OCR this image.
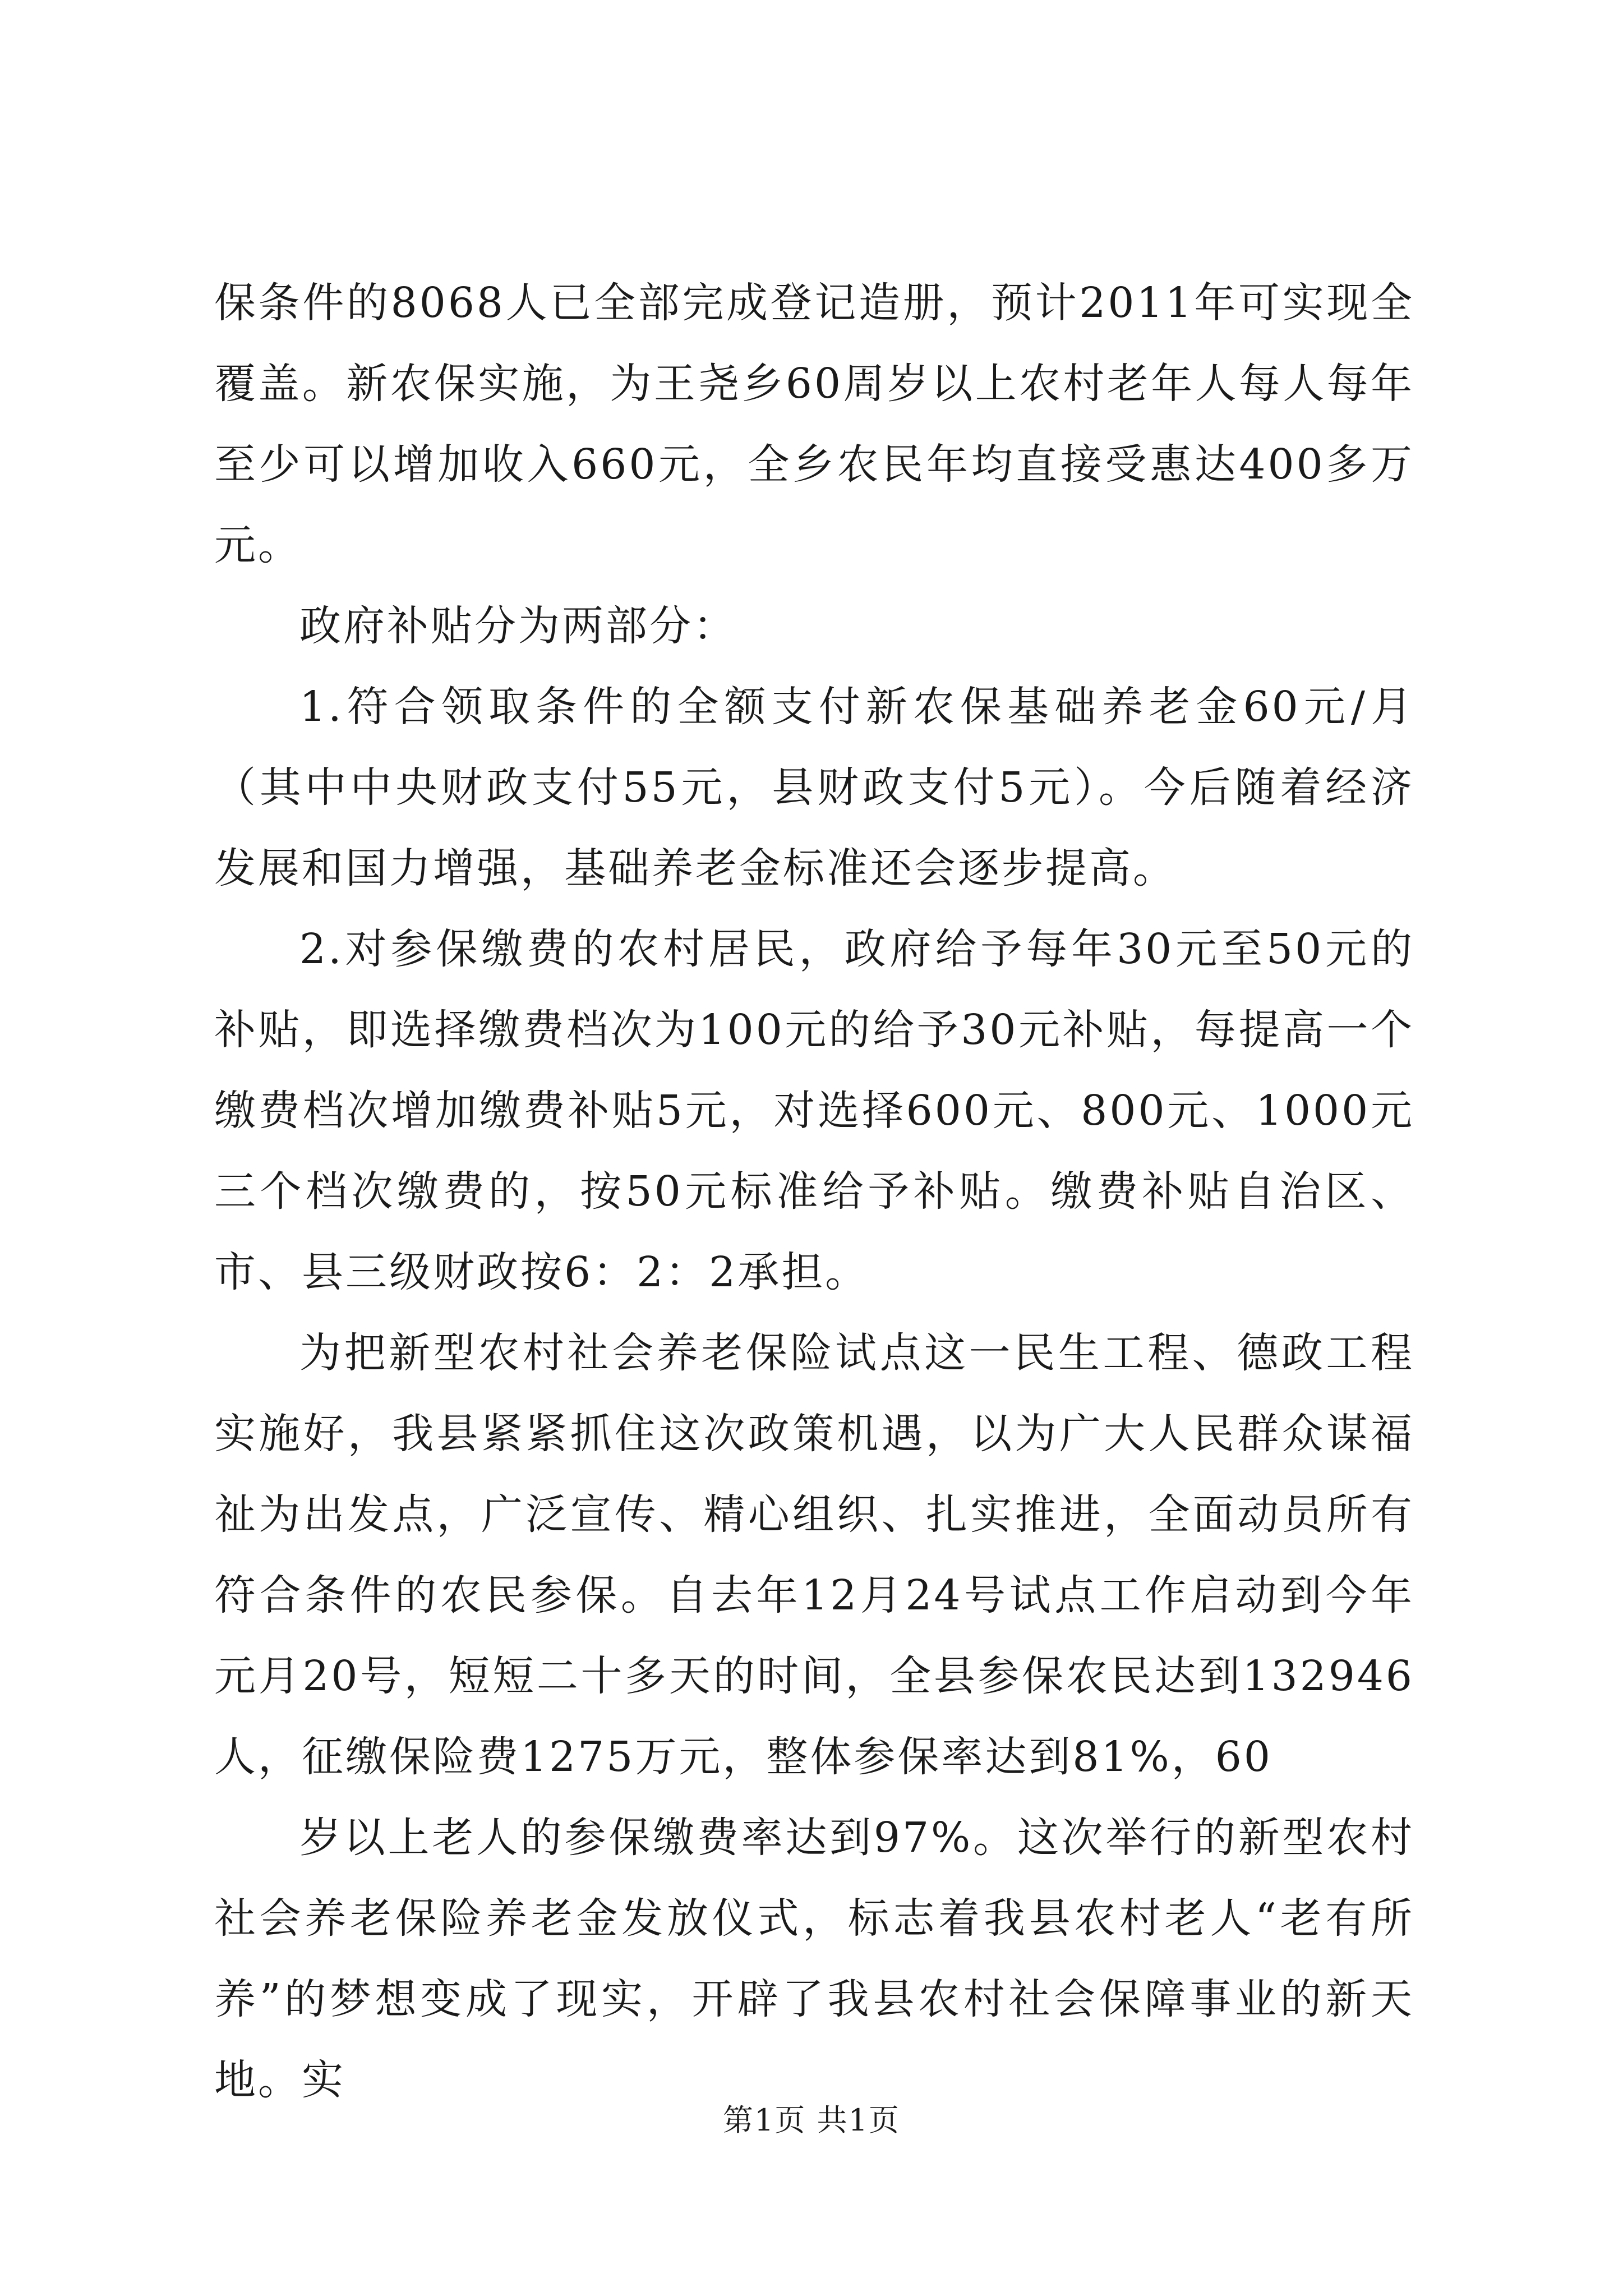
保条件的8068人已全部完成登记造册，预计2011年可实现全覆盖。新农保实施，为王尧乡60周岁以上农村老年人每人每年至少可以增加收入660元，全乡农民年均直接受惠达400多万元。

政府补贴分为两部分：

1.符合领取条件的全额支付新农保基础养老金60元/月（其中中央财政支付55元，县财政支付5元）。今后随着经济发展和国力增强，基础养老金标准还会逐步提高。

2.对参保缴费的农村居民，政府给予每年30元至50元的补贴，即选择缴费档次为100元的给予30元补贴，每提高一个缴费档次增加缴费补贴5元，对选择600元、800元、1000元三个档次缴费的，按50元标准给予补贴。缴费补贴自治区、市、县三级财政按6：2：2承担。

为把新型农村社会养老保险试点这一民生工程、德政工程实施好，我县紧紧抓住这次政策机遇，以为广大人民群众谋福祉为出发点，广泛宣传、精心组织、扎实推进，全面动员所有符合条件的农民参保。自去年12月24号试点工作启动到今年元月20号，短短二十多天的时间，全县参保农民达到132946人，征缴保险费1275万元，整体参保率达到81%，60

岁以上老人的参保缴费率达到97%。这次举行的新型农村社会养老保险养老金发放仪式，标志着我县农村老人“老有所养”的梦想变成了现实，开辟了我县农村社会保障事业的新天地。实

第1页 共1页
